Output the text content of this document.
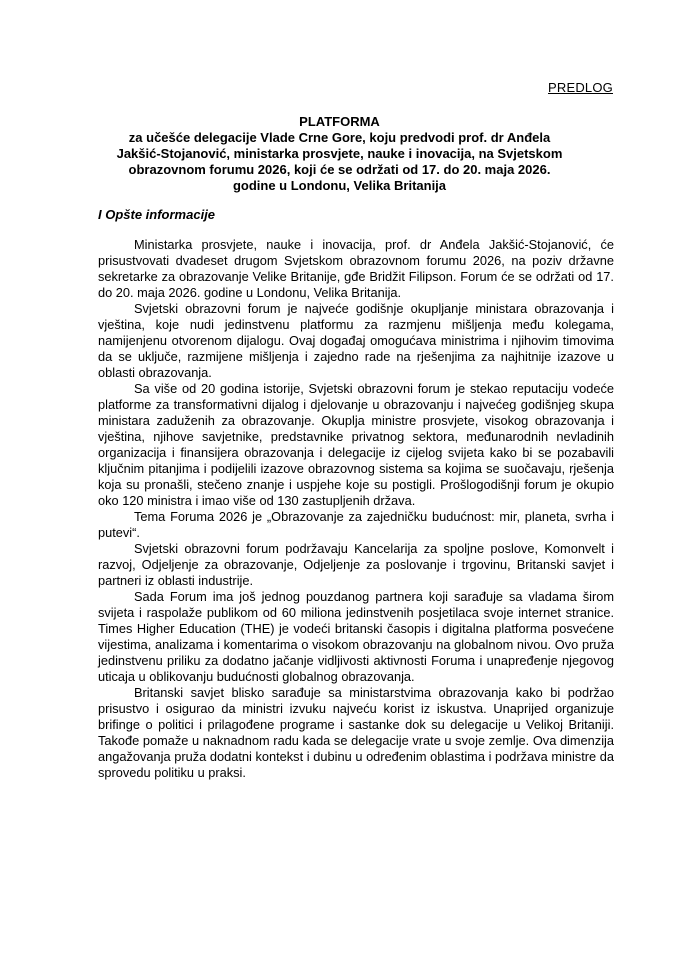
PREDLOG
PLATFORMA
za učešće delegacije Vlade Crne Gore, koju predvodi prof. dr Anđela Jakšić-Stojanović, ministarka prosvjete, nauke i inovacija, na Svjetskom obrazovnom forumu 2026, koji će se održati od 17. do 20. maja 2026. godine u Londonu, Velika Britanija
I Opšte informacije

Ministarka prosvjete, nauke i inovacija, prof. dr Anđela Jakšić-Stojanović, će prisustvovati dvadeset drugom Svjetskom obrazovnom forumu 2026, na poziv državne sekretarke za obrazovanje Velike Britanije, gđe Bridžit Filipson. Forum će se održati od 17. do 20. maja 2026. godine u Londonu, Velika Britanija.

Svjetski obrazovni forum je najveće godišnje okupljanje ministara obrazovanja i vještina, koje nudi jedinstvenu platformu za razmjenu mišljenja među kolegama, namijenjenu otvorenom dijalogu. Ovaj događaj omogućava ministrima i njihovim timovima da se uključe, razmijene mišljenja i zajedno rade na rješenjima za najhitnije izazove u oblasti obrazovanja.

Sa više od 20 godina istorije, Svjetski obrazovni forum je stekao reputaciju vodeće platforme za transformativni dijalog i djelovanje u obrazovanju i najvećeg godišnjeg skupa ministara zaduženih za obrazovanje. Okuplja ministre prosvjete, visokog obrazovanja i vještina, njihove savjetnike, predstavnike privatnog sektora, međunarodnih nevladinih organizacija i finansijera obrazovanja i delegacije iz cijelog svijeta kako bi se pozabavili ključnim pitanjima i podijelili izazove obrazovnog sistema sa kojima se suočavaju, rješenja koja su pronašli, stečeno znanje i uspjehe koje su postigli. Prošlogodišnji forum je okupio oko 120 ministra i imao više od 130 zastupljenih država.

Tema Foruma 2026 je „Obrazovanje za zajedničku budućnost: mir, planeta, svrha i putevi“.

Svjetski obrazovni forum podržavaju Kancelarija za spoljne poslove, Komonvelt i razvoj, Odjeljenje za obrazovanje, Odjeljenje za poslovanje i trgovinu, Britanski savjet i partneri iz oblasti industrije.

Sada Forum ima još jednog pouzdanog partnera koji sarađuje sa vladama širom svijeta i raspolaže publikom od 60 miliona jedinstvenih posjetilaca svoje internet stranice. Times Higher Education (THE) je vodeći britanski časopis i digitalna platforma posvećene vijestima, analizama i komentarima o visokom obrazovanju na globalnom nivou. Ovo pruža jedinstvenu priliku za dodatno jačanje vidljivosti aktivnosti Foruma i unapređenje njegovog uticaja u oblikovanju budućnosti globalnog obrazovanja.

Britanski savjet blisko sarađuje sa ministarstvima obrazovanja kako bi podržao prisustvo i osigurao da ministri izvuku najveću korist iz iskustva. Unaprijed organizuje brifinge o politici i prilagođene programe i sastanke dok su delegacije u Velikoj Britaniji. Takođe pomaže u naknadnom radu kada se delegacije vrate u svoje zemlje. Ova dimenzija angažovanja pruža dodatni kontekst i dubinu u određenim oblastima i podržava ministre da sprovedu politiku u praksi.
